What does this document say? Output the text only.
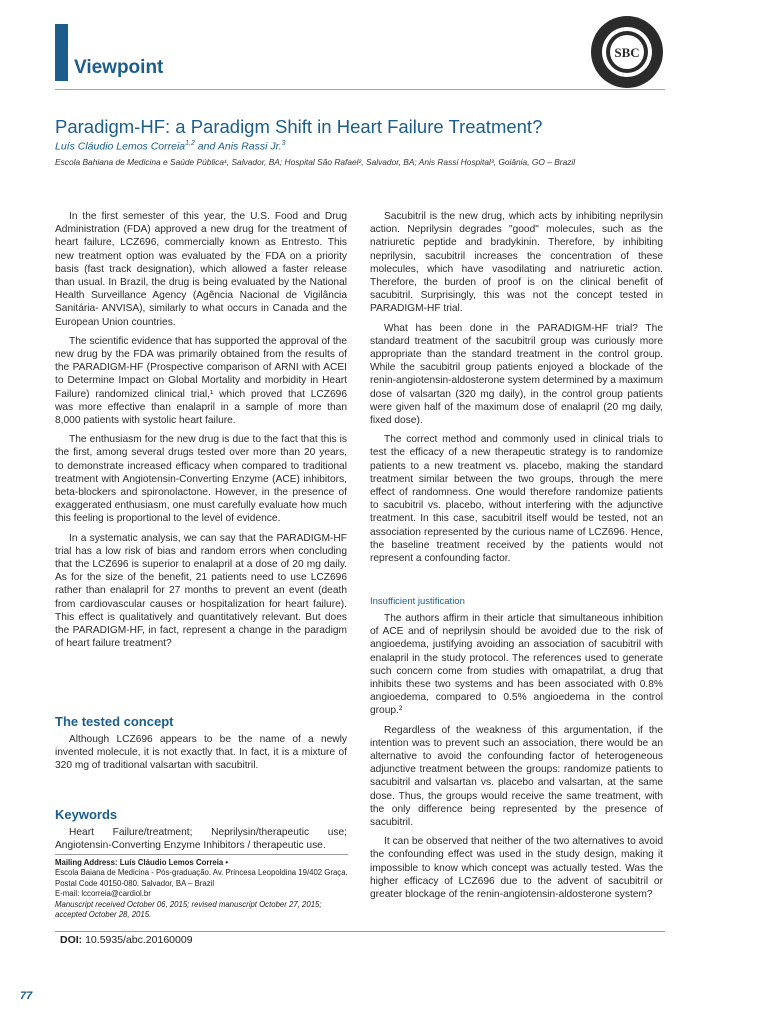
Viewpoint
SBC
Paradigm-HF: a Paradigm Shift in Heart Failure Treatment?
Luís Cláudio Lemos Correia$^{1,2}$ and Anis Rassi Jr.$^3$
Escola Bahiana de Medicina e Saúde Pública¹, Salvador, BA; Hospital São Rafael², Salvador, BA; Anis Rassi Hospital³, Goiânia, GO – Brazil

In the first semester of this year, the U.S. Food and Drug Administration (FDA) approved a new drug for the treatment of heart failure, LCZ696, commercially known as Entresto. This new treatment option was evaluated by the FDA on a priority basis (fast track designation), which allowed a faster release than usual. In Brazil, the drug is being evaluated by the National Health Surveillance Agency (Agência Nacional de Vigilância Sanitária- ANVISA), similarly to what occurs in Canada and the European Union countries.

The scientific evidence that has supported the approval of the new drug by the FDA was primarily obtained from the results of the PARADIGM-HF (Prospective comparison of ARNI with ACEI to Determine Impact on Global Mortality and morbidity in Heart Failure) randomized clinical trial,¹ which proved that LCZ696 was more effective than enalapril in a sample of more than 8,000 patients with systolic heart failure.

The enthusiasm for the new drug is due to the fact that this is the first, among several drugs tested over more than 20 years, to demonstrate increased efficacy when compared to traditional treatment with Angiotensin-Converting Enzyme (ACE) inhibitors, beta-blockers and spironolactone. However, in the presence of exaggerated enthusiasm, one must carefully evaluate how much this feeling is proportional to the level of evidence.

In a systematic analysis, we can say that the PARADIGM-HF trial has a low risk of bias and random errors when concluding that the LCZ696 is superior to enalapril at a dose of 20 mg daily. As for the size of the benefit, 21 patients need to use LCZ696 rather than enalapril for 27 months to prevent an event (death from cardiovascular causes or hospitalization for heart failure). This effect is qualitatively and quantitatively relevant. But does the PARADIGM-HF, in fact, represent a change in the paradigm of heart failure treatment?

The tested concept

Although LCZ696 appears to be the name of a newly invented molecule, it is not exactly that. In fact, it is a mixture of 320 mg of traditional valsartan with sacubitril.

Keywords

Heart Failure/treatment; Neprilysin/therapeutic use; Angiotensin-Converting Enzyme Inhibitors / therapeutic use.

Mailing Address: Luís Cláudio Lemos Correia •
Escola Baiana de Medicina - Pós-graduação. Av. Princesa Leopoldina 19/402 Graça. Postal Code 40150-080. Salvador, BA – Brazil
E-mail: lccorreia@cardiol.br
Manuscript received October 06, 2015; revised manuscript October 27, 2015; accepted October 28, 2015.

Sacubitril is the new drug, which acts by inhibiting neprilysin action. Neprilysin degrades "good" molecules, such as the natriuretic peptide and bradykinin. Therefore, by inhibiting neprilysin, sacubitril increases the concentration of these molecules, which have vasodilating and natriuretic action. Therefore, the burden of proof is on the clinical benefit of sacubitril. Surprisingly, this was not the concept tested in PARADIGM-HF trial.

What has been done in the PARADIGM-HF trial? The standard treatment of the sacubitril group was curiously more appropriate than the standard treatment in the control group. While the sacubitril group patients enjoyed a blockade of the renin-angiotensin-aldosterone system determined by a maximum dose of valsartan (320 mg daily), in the control group patients were given half of the maximum dose of enalapril (20 mg daily, fixed dose).

The correct method and commonly used in clinical trials to test the efficacy of a new therapeutic strategy is to randomize patients to a new treatment vs. placebo, making the standard treatment similar between the two groups, through the mere effect of randomness. One would therefore randomize patients to sacubitril vs. placebo, without interfering with the adjunctive treatment. In this case, sacubitril itself would be tested, not an association represented by the curious name of LCZ696. Hence, the baseline treatment received by the patients would not represent a confounding factor.

Insufficient justification

The authors affirm in their article that simultaneous inhibition of ACE and of neprilysin should be avoided due to the risk of angioedema, justifying avoiding an association of sacubitril with enalapril in the study protocol. The references used to generate such concern come from studies with omapatrilat, a drug that inhibits these two systems and has been associated with 0.8% angioedema, compared to 0.5% angioedema in the control group.²

Regardless of the weakness of this argumentation, if the intention was to prevent such an association, there would be an alternative to avoid the confounding factor of heterogeneous adjunctive treatment between the groups: randomize patients to sacubitril and valsartan vs. placebo and valsartan, at the same dose. Thus, the groups would receive the same treatment, with the only difference being represented by the presence of sacubitril.

It can be observed that neither of the two alternatives to avoid the confounding effect was used in the study design, making it impossible to know which concept was actually tested. Was the higher efficacy of LCZ696 due to the advent of sacubitril or greater blockage of the renin-angiotensin-aldosterone system?

DOI: 10.5935/abc.20160009
77
